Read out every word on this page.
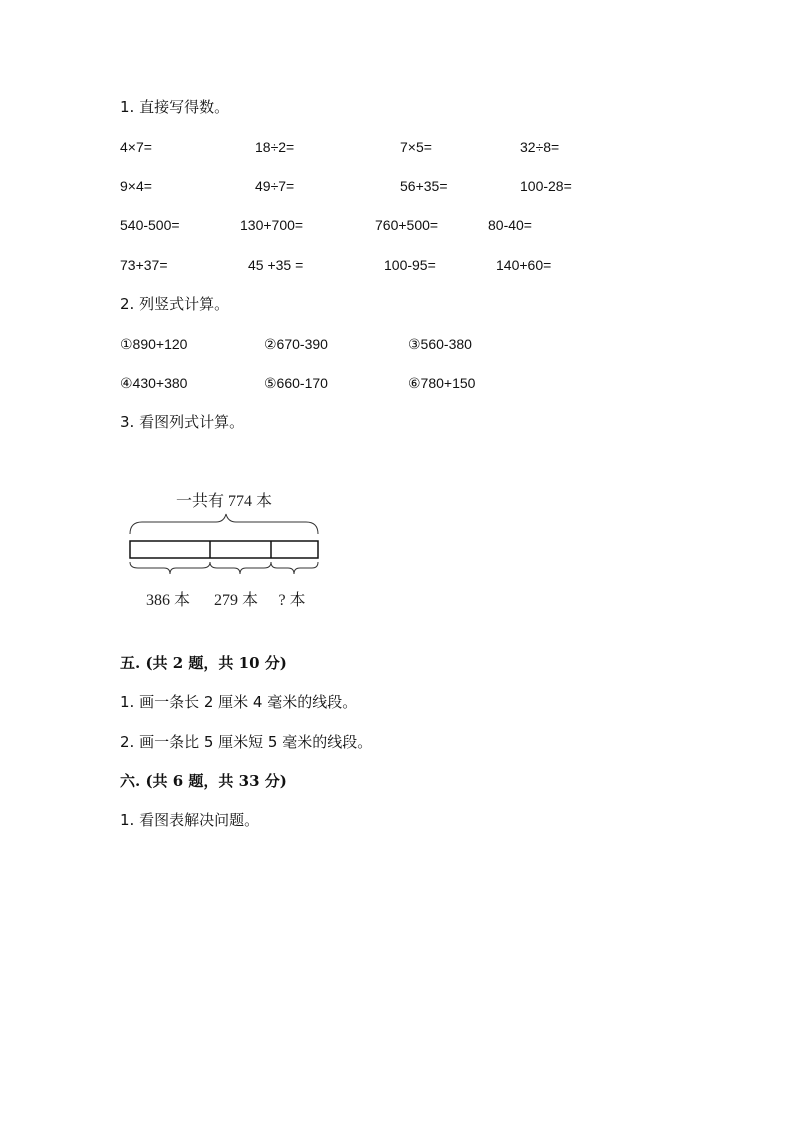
1. 直接写得数。
4×7=	18÷2=	7×5=	32÷8=
9×4=	49÷7=	56+35=	100-28=
540-500=	130+700=	760+500=	80-40=
73+37=	45 +35 =	100-95=	140+60=
2. 列竖式计算。
①890+120	②670-390	③560-380
④430+380	⑤660-170	⑥780+150
3. 看图列式计算。
一共有 774 本
386 本 279 本 ? 本
五. (共 2 题，共 10 分)
1. 画一条长 2 厘米 4 毫米的线段。
2. 画一条比 5 厘米短 5 毫米的线段。
六. (共 6 题，共 33 分)
1. 看图表解决问题。
